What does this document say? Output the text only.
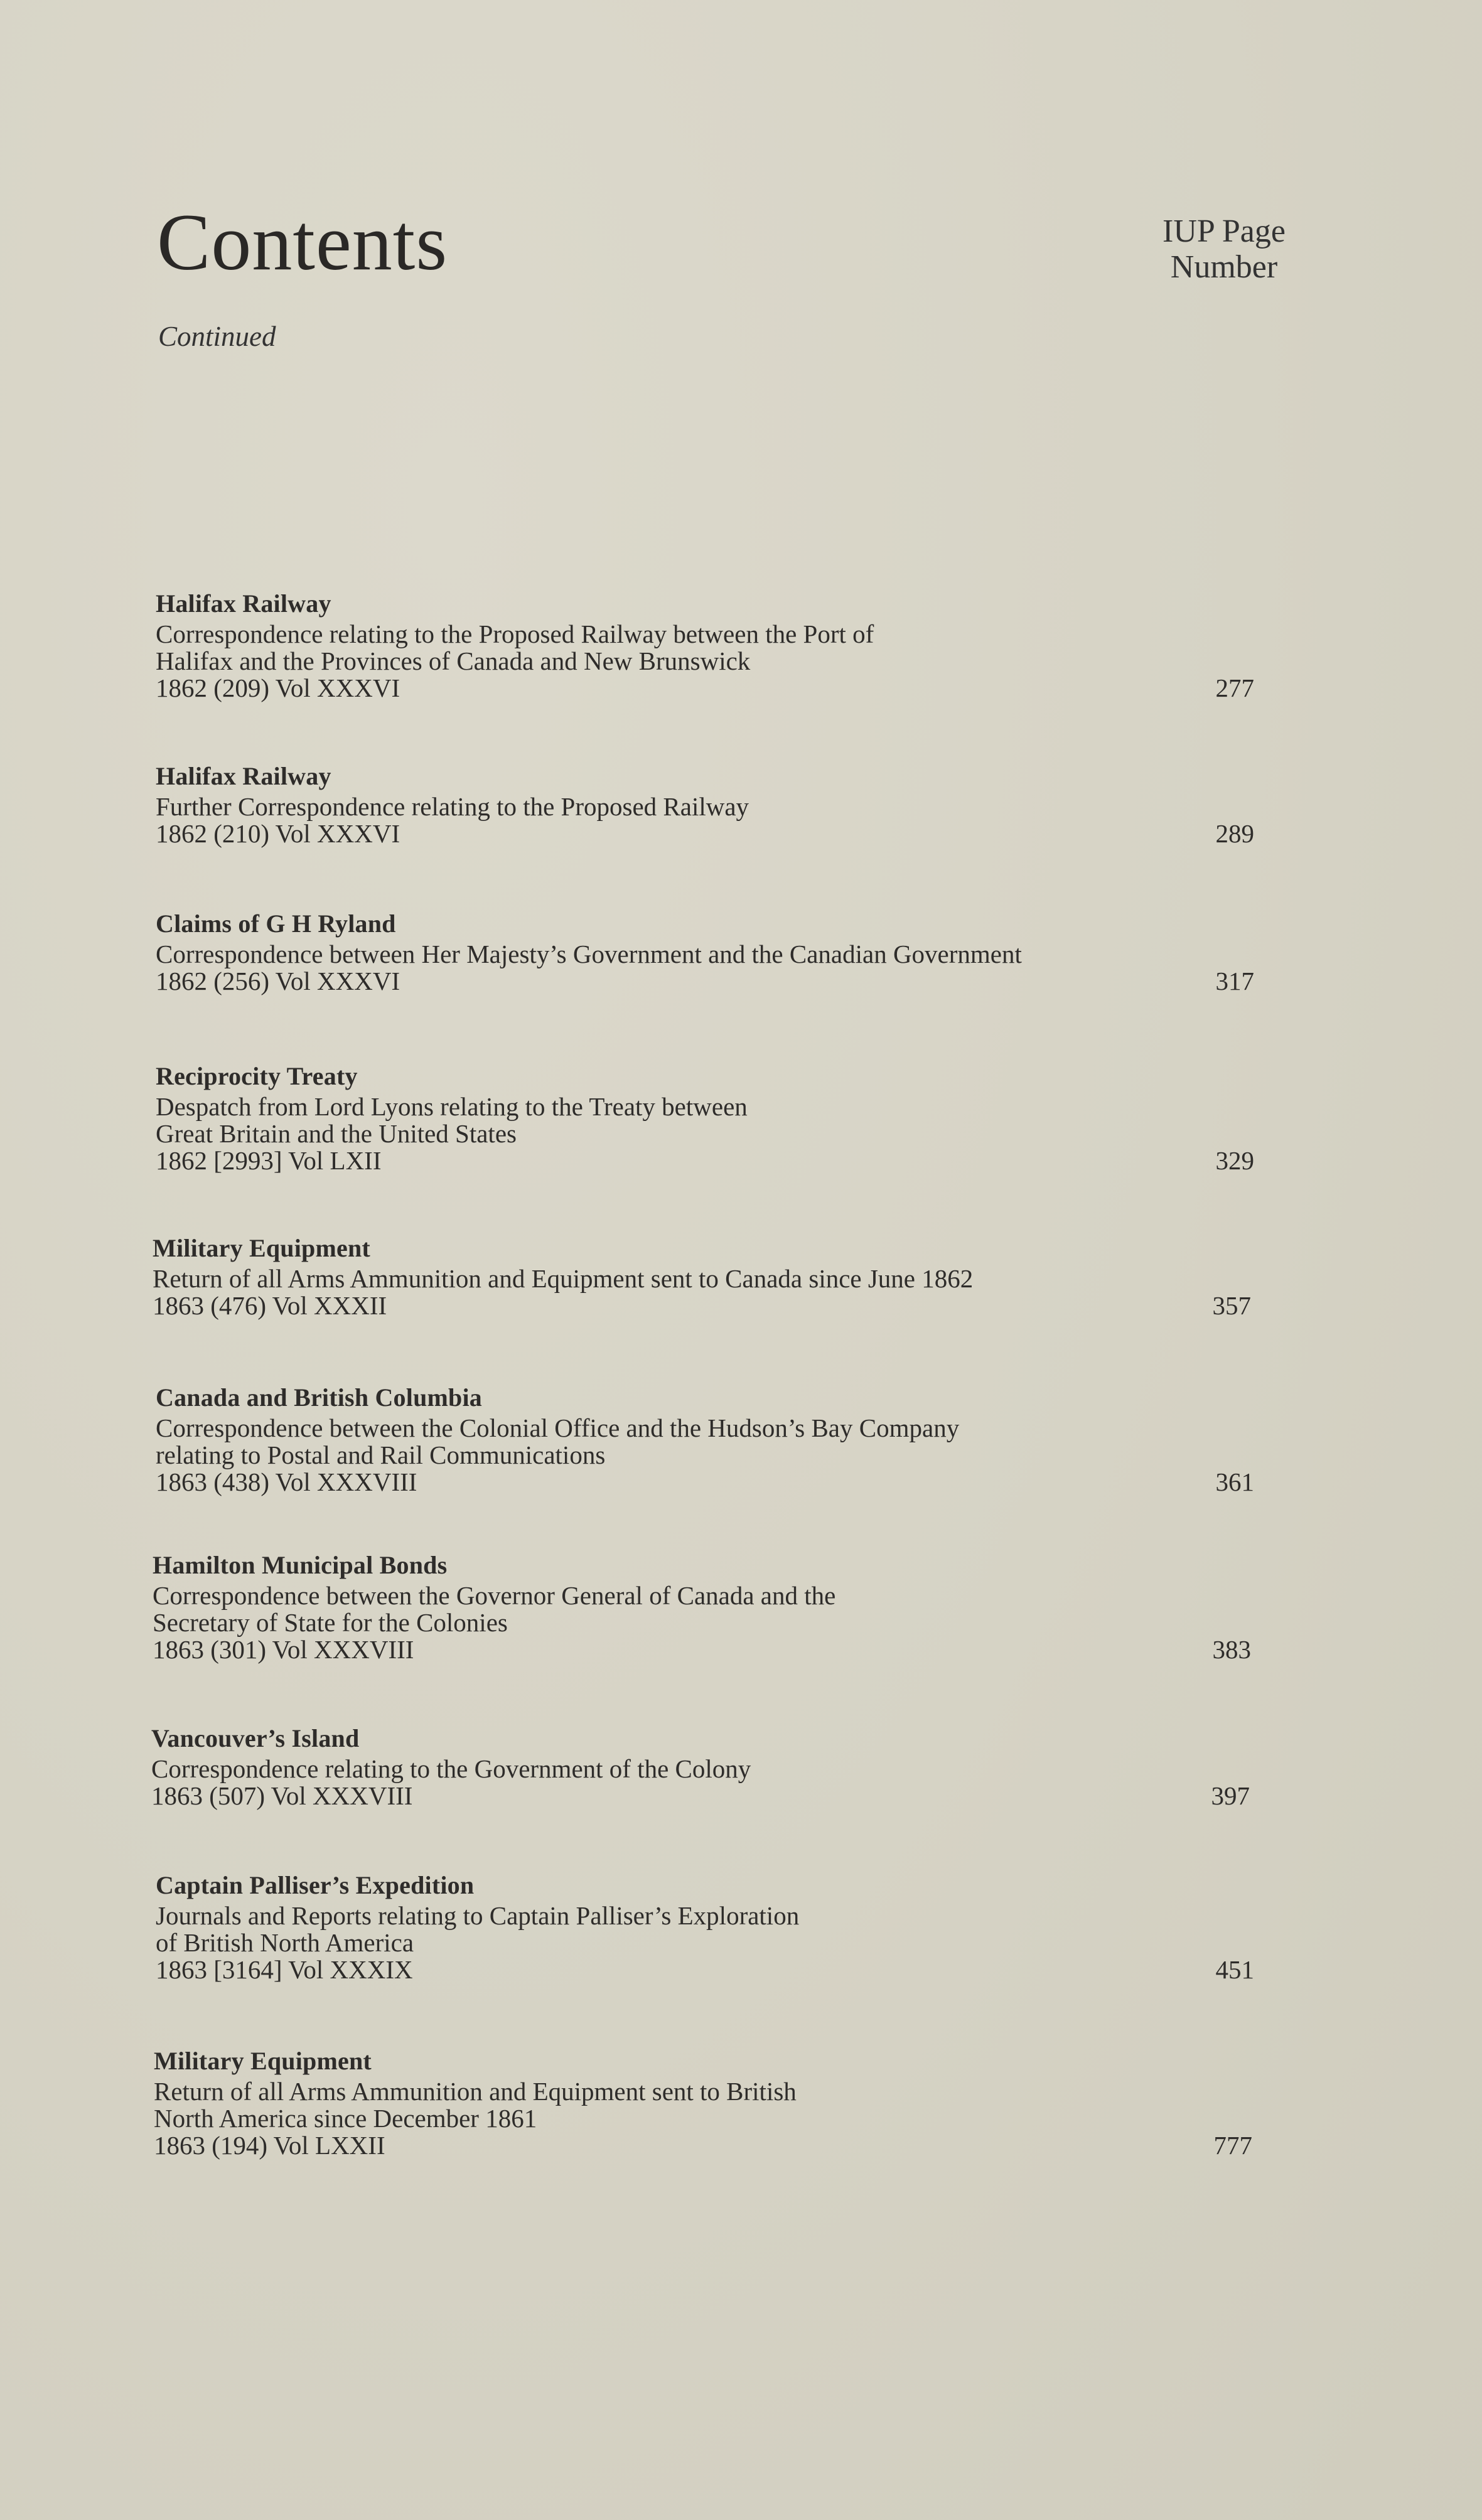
Contents
Continued
IUP Page
Number
Halifax Railway
Correspondence relating to the Proposed Railway between the Port of
Halifax and the Provinces of Canada and New Brunswick
1862 (209) Vol XXXVI	277
Halifax Railway
Further Correspondence relating to the Proposed Railway
1862 (210) Vol XXXVI	289
Claims of G H Ryland
Correspondence between Her Majesty’s Government and the Canadian Government
1862 (256) Vol XXXVI	317
Reciprocity Treaty
Despatch from Lord Lyons relating to the Treaty between
Great Britain and the United States
1862 [2993] Vol LXII	329
Military Equipment
Return of all Arms Ammunition and Equipment sent to Canada since June 1862
1863 (476) Vol XXXII	357
Canada and British Columbia
Correspondence between the Colonial Office and the Hudson’s Bay Company
relating to Postal and Rail Communications
1863 (438) Vol XXXVIII	361
Hamilton Municipal Bonds
Correspondence between the Governor General of Canada and the
Secretary of State for the Colonies
1863 (301) Vol XXXVIII	383
Vancouver’s Island
Correspondence relating to the Government of the Colony
1863 (507) Vol XXXVIII	397
Captain Palliser’s Expedition
Journals and Reports relating to Captain Palliser’s Exploration
of British North America
1863 [3164] Vol XXXIX	451
Military Equipment
Return of all Arms Ammunition and Equipment sent to British
North America since December 1861
1863 (194) Vol LXXII	777
